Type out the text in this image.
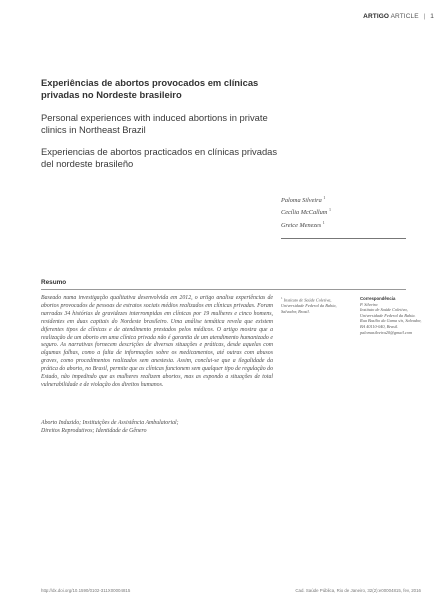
ARTIGO ARTICLE | 1
Experiências de abortos provocados em clínicas privadas no Nordeste brasileiro
Personal experiences with induced abortions in private clinics in Northeast Brazil
Experiencias de abortos practicados en clínicas privadas del nordeste brasileño
Paloma Silveira $^1$
Cecília McCallum $^1$
Greice Menezes $^1$
Resumo
Baseado numa investigação qualitativa desenvolvida em 2012, o artigo analisa experiências de abortos provocados de pessoas de estratos sociais médios realizados em clínicas privadas. Foram narradas 34 histórias de gravidezes interrompidas em clínicas por 19 mulheres e cinco homens, residentes em duas capitais do Nordeste brasileiro. Uma análise temática revela que existem diferentes tipos de clínicas e de atendimento prestados pelos médicos. O artigo mostra que a realização de um aborto em uma clínica privada não é garantia de um atendimento humanizado e seguro. As narrativas fornecem descrições de diversas situações e práticas, desde aquelas com algumas falhas, como a falta de informações sobre os medicamentos, até outras com abusos graves, como procedimentos realizados sem anestesia. Assim, conclui-se que a ilegalidade da prática do aborto, no Brasil, permite que as clínicas funcionem sem qualquer tipo de regulação do Estado, não impedindo que as mulheres realizem abortos, mas as expondo a situações de total vulnerabilidade e de violação dos direitos humanos.
Aborto Induzido; Instituições de Assistência Ambulatorial;
Direitos Reprodutivos; Identidade de Gênero
$^1$ Instituto de Saúde Coletiva, Universidade Federal da Bahia, Salvador, Brasil.
Correspondência
P. Silveira
Instituto de Saúde Coletiva, Universidade Federal da Bahia.
Rua Basílio da Gama s/n, Salvador, BA 40110-040, Brasil.
palomasilveira20@gmail.com
http://dx.doi.org/10.1590/0102-311X00004815	Cad. Saúde Pública, Rio de Janeiro, 32(2):e00004815, fev, 2016
